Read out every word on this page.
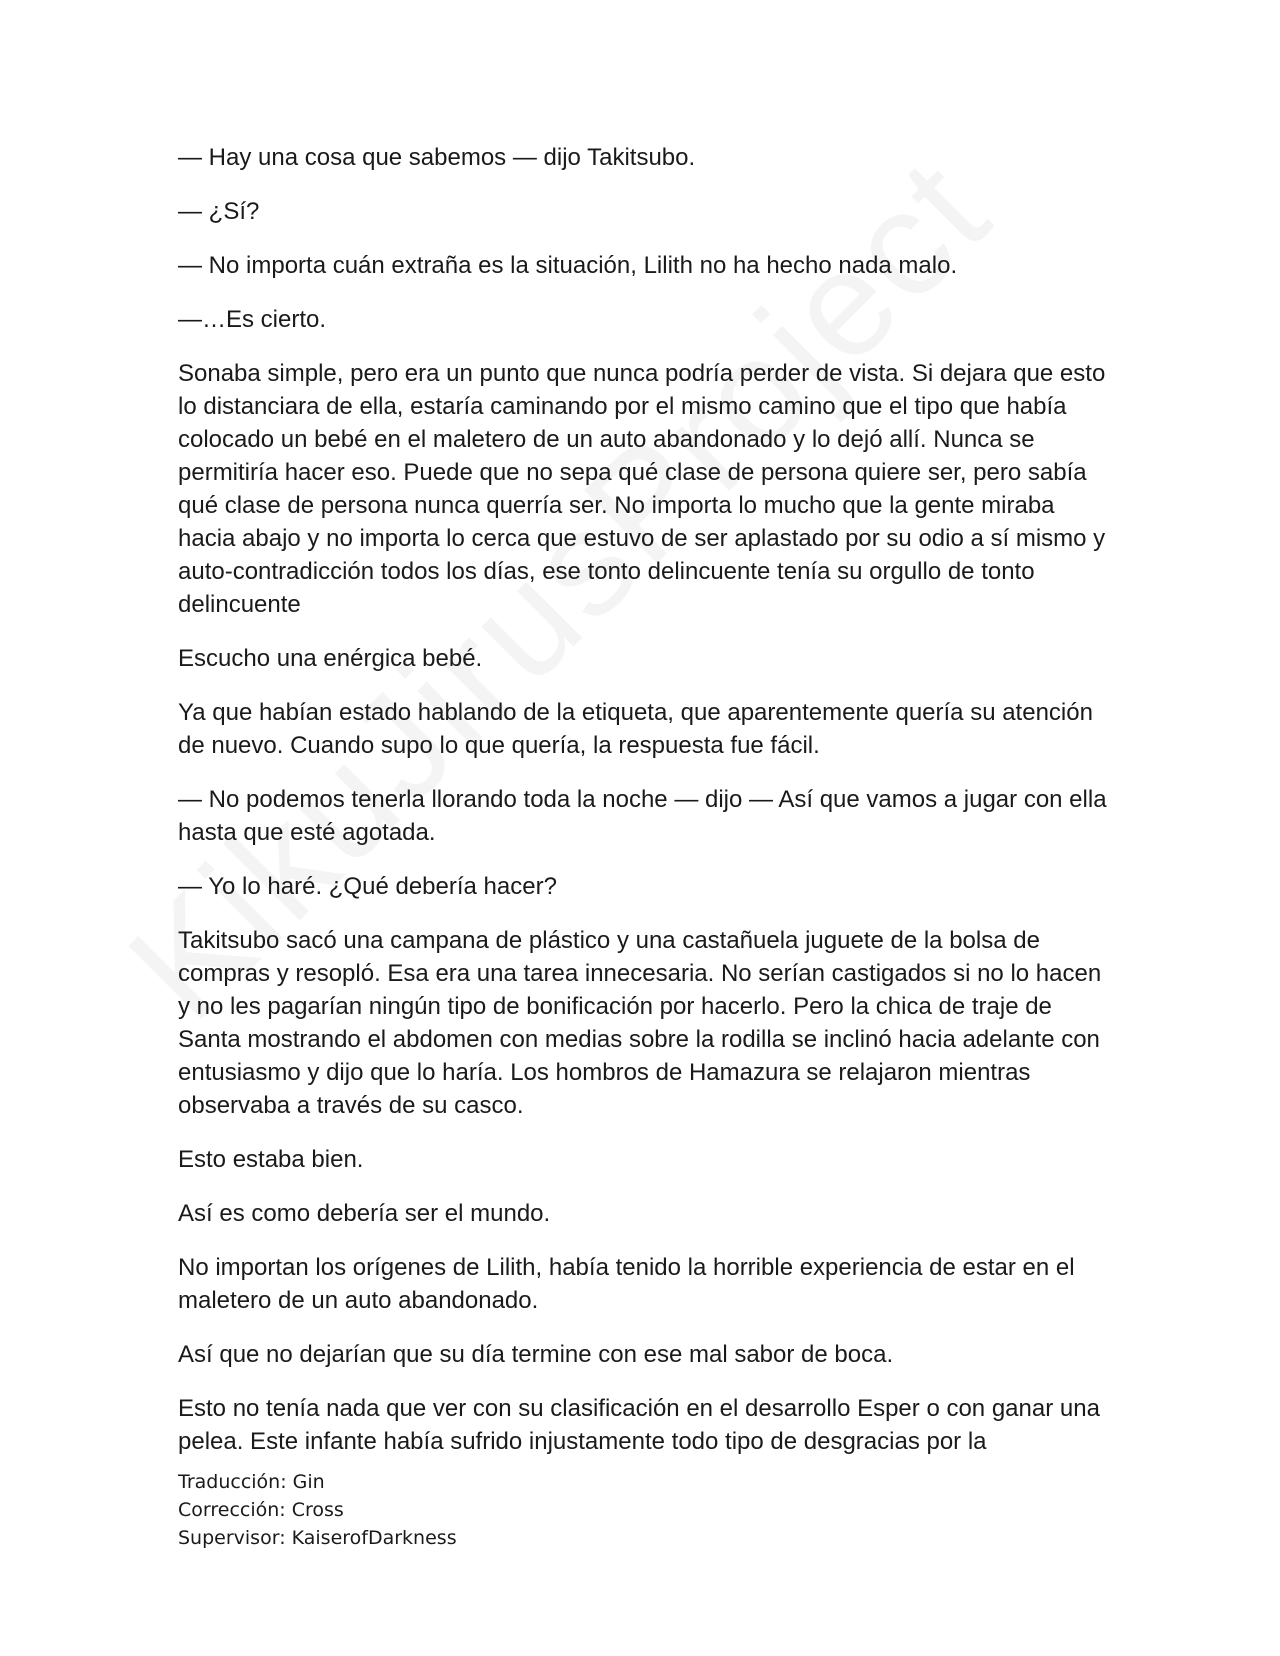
— Hay una cosa que sabemos — dijo Takitsubo.

— ¿Sí?

— No importa cuán extraña es la situación, Lilith no ha hecho nada malo.

—…Es cierto.

Sonaba simple, pero era un punto que nunca podría perder de vista. Si dejara que esto lo distanciara de ella, estaría caminando por el mismo camino que el tipo que había colocado un bebé en el maletero de un auto abandonado y lo dejó allí. Nunca se permitiría hacer eso. Puede que no sepa qué clase de persona quiere ser, pero sabía qué clase de persona nunca querría ser. No importa lo mucho que la gente miraba hacia abajo y no importa lo cerca que estuvo de ser aplastado por su odio a sí mismo y auto-contradicción todos los días, ese tonto delincuente tenía su orgullo de tonto delincuente

Escucho una enérgica bebé.

Ya que habían estado hablando de la etiqueta, que aparentemente quería su atención de nuevo. Cuando supo lo que quería, la respuesta fue fácil.

— No podemos tenerla llorando toda la noche — dijo — Así que vamos a jugar con ella hasta que esté agotada.

— Yo lo haré. ¿Qué debería hacer?

Takitsubo sacó una campana de plástico y una castañuela juguete de la bolsa de compras y resopló. Esa era una tarea innecesaria. No serían castigados si no lo hacen y no les pagarían ningún tipo de bonificación por hacerlo. Pero la chica de traje de Santa mostrando el abdomen con medias sobre la rodilla se inclinó hacia adelante con entusiasmo y dijo que lo haría. Los hombros de Hamazura se relajaron mientras observaba a través de su casco.

Esto estaba bien.

Así es como debería ser el mundo.

No importan los orígenes de Lilith, había tenido la horrible experiencia de estar en el maletero de un auto abandonado.

Así que no dejarían que su día termine con ese mal sabor de boca.

Esto no tenía nada que ver con su clasificación en el desarrollo Esper o con ganar una pelea. Este infante había sufrido injustamente todo tipo de desgracias por la

Traducción: Gin
Corrección: Cross
Supervisor: KaiserofDarkness
